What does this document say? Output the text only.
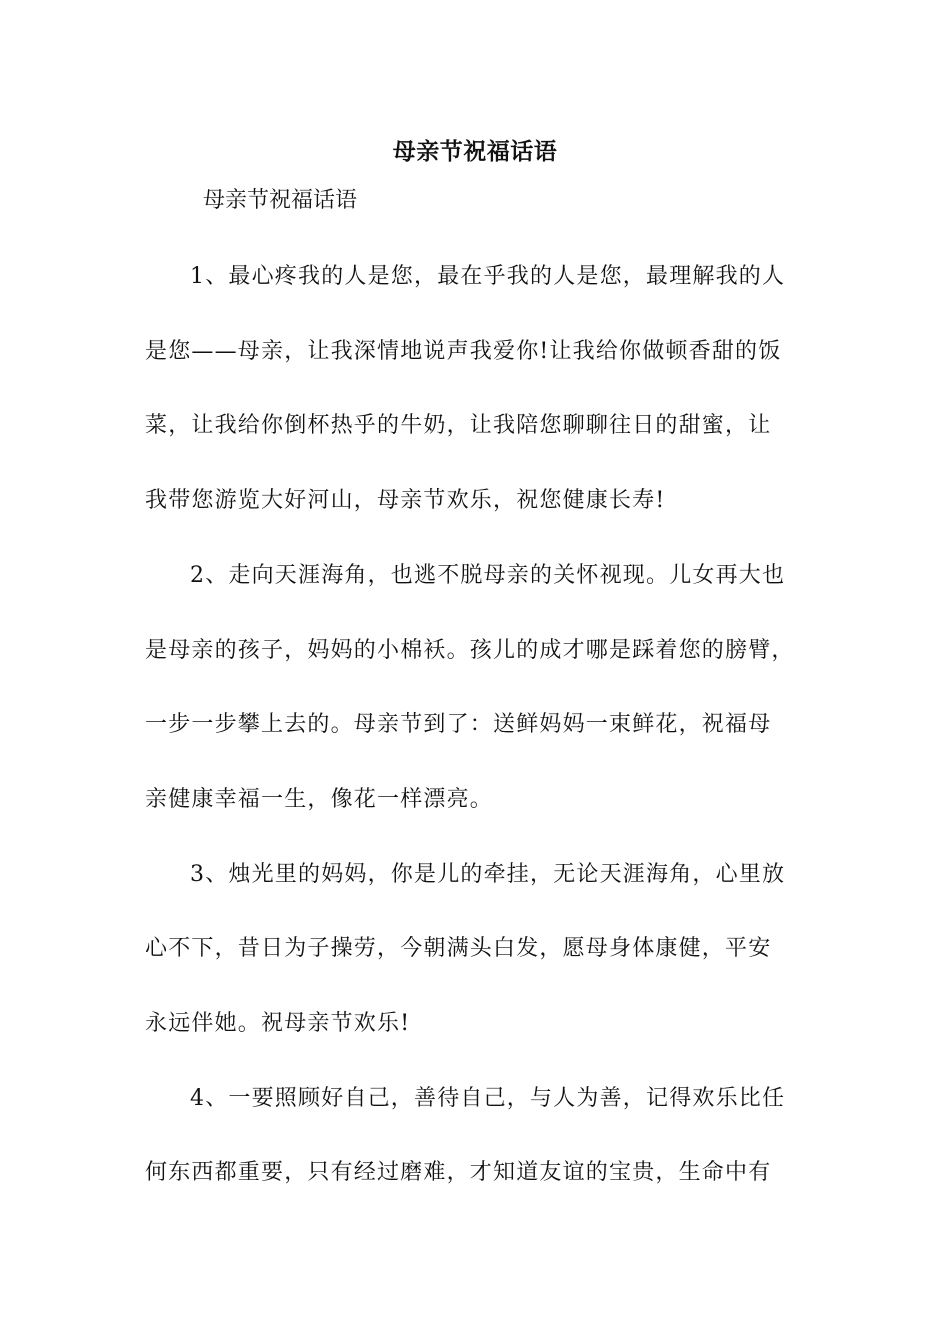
母亲节祝福话语
母亲节祝福话语
1、最心疼我的人是您，最在乎我的人是您，最理解我的人
是您——母亲，让我深情地说声我爱你!让我给你做顿香甜的饭
菜，让我给你倒杯热乎的牛奶，让我陪您聊聊往日的甜蜜，让
我带您游览大好河山，母亲节欢乐，祝您健康长寿!
2、走向天涯海角，也逃不脱母亲的关怀视现。儿女再大也
是母亲的孩子，妈妈的小棉袄。孩儿的成才哪是踩着您的膀臂，
一步一步攀上去的。母亲节到了：送鲜妈妈一束鲜花，祝福母
亲健康幸福一生，像花一样漂亮。
3、烛光里的妈妈，你是儿的牵挂，无论天涯海角，心里放
心不下，昔日为子操劳，今朝满头白发，愿母身体康健，平安
永远伴她。祝母亲节欢乐!
4、一要照顾好自己，善待自己，与人为善，记得欢乐比任
何东西都重要，只有经过磨难，才知道友谊的宝贵，生命中有
